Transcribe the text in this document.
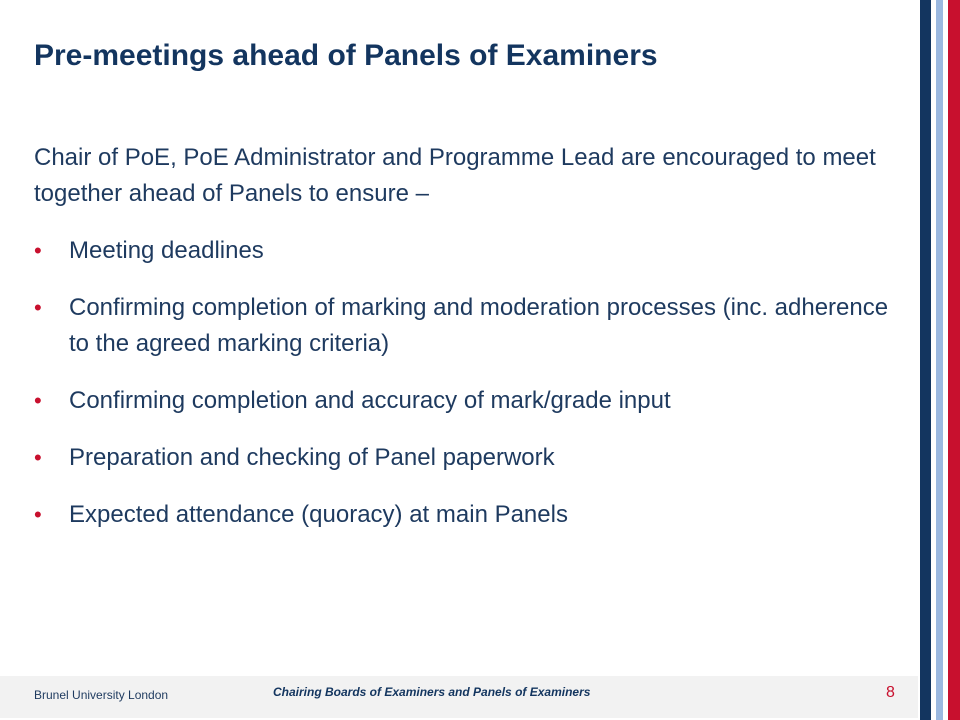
Pre-meetings ahead of Panels of Examiners

Chair of PoE, PoE Administrator and Programme Lead are encouraged to meet together ahead of Panels to ensure –

• Meeting deadlines
• Confirming completion of marking and moderation processes (inc. adherence to the agreed marking criteria)
• Confirming completion and accuracy of mark/grade input
• Preparation and checking of Panel paperwork
• Expected attendance (quoracy) at main Panels
Brunel University London	Chairing Boards of Examiners and Panels of Examiners	8
